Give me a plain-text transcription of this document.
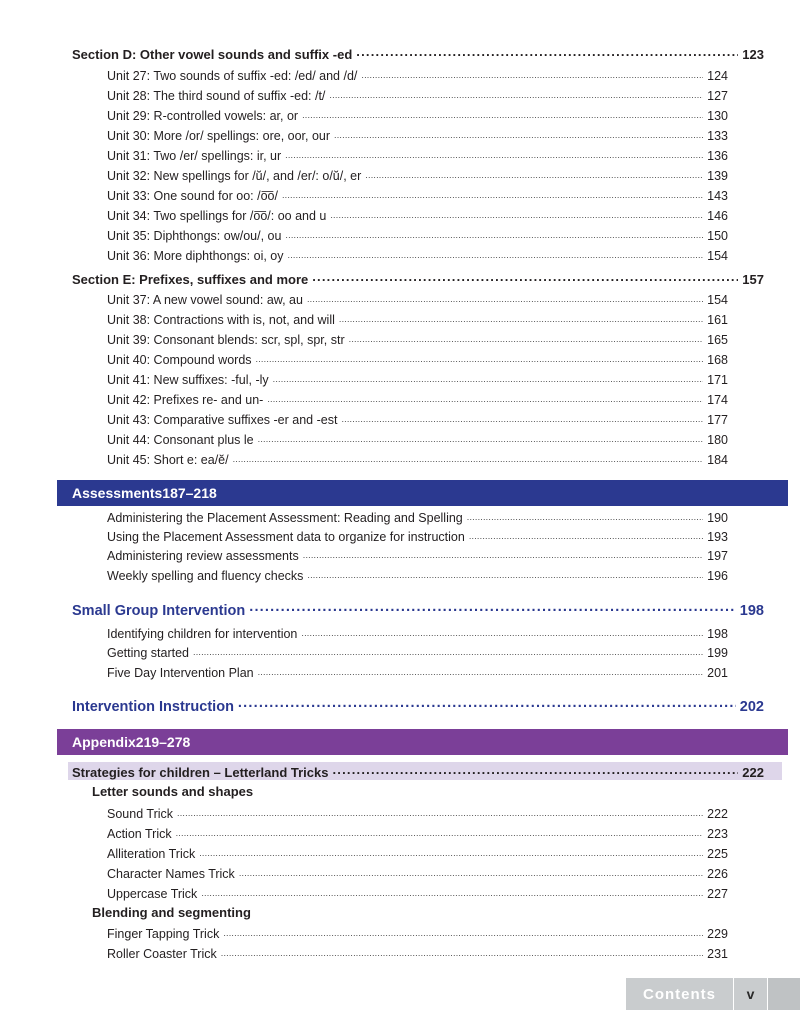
Section D: Other vowel sounds and suffix -ed .....	123
Unit 27: Two sounds of suffix -ed: /ed/ and /d/ .....	124
Unit 28: The third sound of suffix -ed: /t/ .....	127
Unit 29: R-controlled vowels: ar, or .....	130
Unit 30: More /or/ spellings: ore, oor, our .....	133
Unit 31: Two /er/ spellings: ir, ur .....	136
Unit 32: New spellings for /ŭ/, and /er/: o/ŭ/, er .....	139
Unit 33: One sound for oo: /o͞o/ .....	143
Unit 34: Two spellings for /o͞o/: oo and u .....	146
Unit 35: Diphthongs: ow/ou/, ou .....	150
Unit 36: More diphthongs: oi, oy .....	154
Section E: Prefixes, suffixes and more .....	157
Unit 37: A new vowel sound: aw, au .....	154
Unit 38: Contractions with is, not, and will .....	161
Unit 39: Consonant blends: scr, spl, spr, str .....	165
Unit 40: Compound words .....	168
Unit 41: New suffixes: -ful, -ly .....	171
Unit 42: Prefixes re- and un- .....	174
Unit 43: Comparative suffixes -er and -est .....	177
Unit 44: Consonant plus le .....	180
Unit 45: Short e: ea/ĕ/ .....	184
Assessments 187–218
Administering the Placement Assessment: Reading and Spelling .....	190
Using the Placement Assessment data to organize for instruction .....	193
Administering review assessments .....	197
Weekly spelling and fluency checks .....	196
Small Group Intervention .....	198
Identifying children for intervention .....	198
Getting started .....	199
Five Day Intervention Plan .....	201
Intervention Instruction .....	202
Appendix 219–278
Strategies for children – Letterland Tricks .....	222
Letter sounds and shapes
Sound Trick .....	222
Action Trick .....	223
Alliteration Trick .....	225
Character Names Trick .....	226
Uppercase Trick .....	227
Blending and segmenting
Finger Tapping Trick .....	229
Roller Coaster Trick .....	231
Contents	v
